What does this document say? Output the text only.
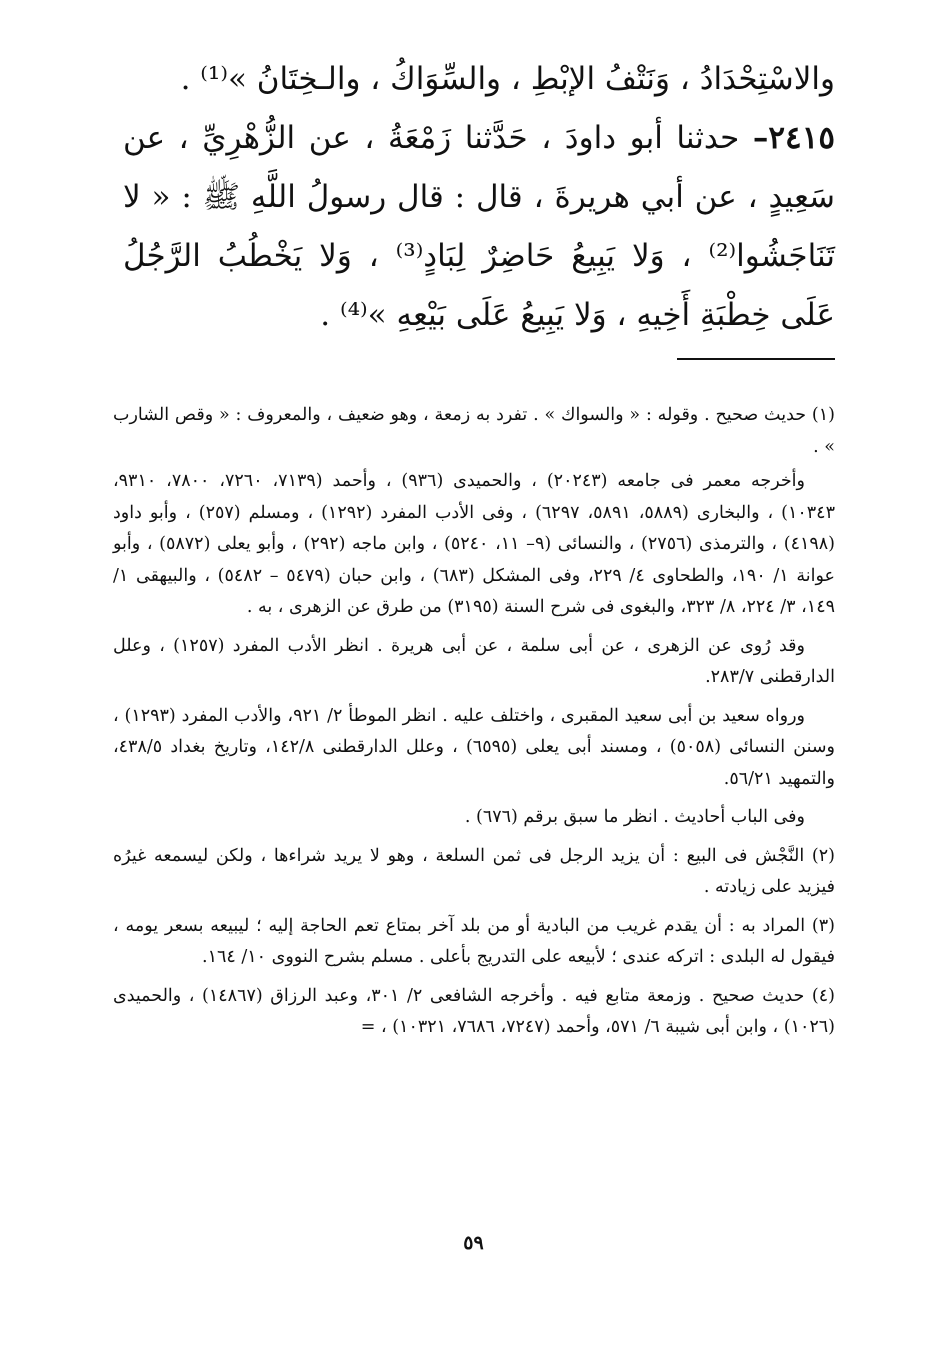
والاسْتِحْدَادُ ، وَنَتْفُ الإبْطِ ، والسِّوَاكُ ، والـخِتَانُ »⁽¹⁾ .

٢٤١٥– حدثنا أبو داودَ ، حَدَّثنا زَمْعَةُ ، عن الزُّهْرِيِّ ، عن سَعِيدٍ ، عن أبي هريرةَ ، قال : قال رسولُ اللَّهِ ﷺ : « لا تَنَاجَشُوا⁽²⁾ ، وَلا يَبِيعُ حَاضِرٌ لِبَادٍ⁽³⁾ ، وَلا يَخْطُبُ الرَّجُلُ عَلَى خِطْبَةِ أَخِيهِ ، وَلا يَبِيعُ عَلَى بَيْعِهِ »⁽⁴⁾ .

(١) حديث صحيح . وقوله : « والسواك » . تفرد به زمعة ، وهو ضعيف ، والمعروف : « وقص الشارب » .

وأخرجه معمر فى جامعه (٢٠٢٤٣) ، والحميدى (٩٣٦) ، وأحمد (٧١٣٩، ٧٢٦٠، ٧٨٠٠، ٩٣١٠، ١٠٣٤٣) ، والبخارى (٥٨٨٩، ٥٨٩١، ٦٢٩٧) ، وفى الأدب المفرد (١٢٩٢) ، ومسلم (٢٥٧) ، وأبو داود (٤١٩٨) ، والترمذى (٢٧٥٦) ، والنسائى (٩– ١١، ٥٢٤٠) ، وابن ماجه (٢٩٢) ، وأبو يعلى (٥٨٧٢) ، وأبو عوانة ١/ ١٩٠، والطحاوى ٤/ ٢٢٩، وفى المشكل (٦٨٣) ، وابن حبان (٥٤٧٩ – ٥٤٨٢) ، والبيهقى ١/ ١٤٩، ٣/ ٢٢٤، ٨/ ٣٢٣، والبغوى فى شرح السنة (٣١٩٥) من طرق عن الزهرى ، به .

وقد رُوى عن الزهرى ، عن أبى سلمة ، عن أبى هريرة . انظر الأدب المفرد (١٢٥٧) ، وعلل الدارقطنى ٢٨٣/٧.

ورواه سعيد بن أبى سعيد المقبرى ، واختلف عليه . انظر الموطأ ٢/ ٩٢١، والأدب المفرد (١٢٩٣) ، وسنن النسائى (٥٠٥٨) ، ومسند أبى يعلى (٦٥٩٥) ، وعلل الدارقطنى ١٤٢/٨، وتاريخ بغداد ٤٣٨/٥، والتمهيد ٥٦/٢١.

وفى الباب أحاديث . انظر ما سبق برقم (٦٧٦) .

(٢) النَّجْش فى البيع : أن يزيد الرجل فى ثمن السلعة ، وهو لا يريد شراءها ، ولكن ليسمعه غيرُه فيزيد على زيادته .

(٣) المراد به : أن يقدم غريب من البادية أو من بلد آخر بمتاع تعم الحاجة إليه ؛ ليبيعه بسعر يومه ، فيقول له البلدى : اتركه عندى ؛ لأبيعه على التدريج بأعلى . مسلم بشرح النووى ١٠/ ١٦٤.

(٤) حديث صحيح . وزمعة متابع فيه . وأخرجه الشافعى ٢/ ٣٠١، وعبد الرزاق (١٤٨٦٧) ، والحميدى (١٠٢٦) ، وابن أبى شيبة ٦/ ٥٧١، وأحمد (٧٢٤٧، ٧٦٨٦، ١٠٣٢١) ، =

٥٩
